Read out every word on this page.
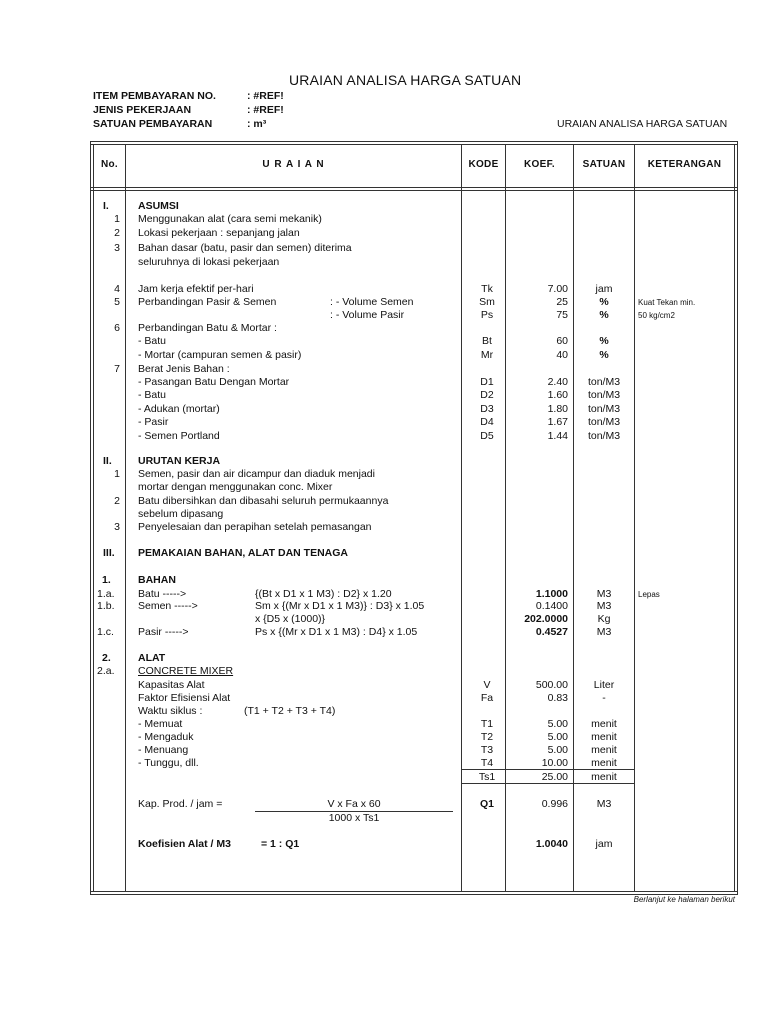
URAIAN ANALISA HARGA SATUAN
ITEM PEMBAYARAN NO.	: #REF!
JENIS PEKERJAAN	: #REF!
SATUAN PEMBAYARAN	: m³	URAIAN ANALISA HARGA SATUAN
No.	U R A I A N	KODE	KOEF.	SATUAN	KETERANGAN
I.	ASUMSI
1 Menggunakan alat (cara semi mekanik)
2 Lokasi pekerjaan : sepanjang jalan
3 Bahan dasar (batu, pasir dan semen) diterima
seluruhnya di lokasi pekerjaan
4 Jam kerja efektif per-hari	Tk	7.00	jam
5 Perbandingan Pasir & Semen	: - Volume Semen	Sm	25	%	Kuat Tekan min.
: - Volume Pasir	Ps	75	%	50 kg/cm2
6 Perbandingan Batu & Mortar :
- Batu	Bt	60	%
- Mortar (campuran semen & pasir)	Mr	40	%
7 Berat Jenis Bahan :
- Pasangan Batu Dengan Mortar	D1	2.40	ton/M3
- Batu	D2	1.60	ton/M3
- Adukan (mortar)	D3	1.80	ton/M3
- Pasir	D4	1.67	ton/M3
- Semen Portland	D5	1.44	ton/M3
II. URUTAN KERJA
1 Semen, pasir dan air dicampur dan diaduk menjadi
mortar dengan menggunakan conc. Mixer
2 Batu dibersihkan dan dibasahi seluruh permukaannya
sebelum dipasang
3 Penyelesaian dan perapihan setelah pemasangan
III. PEMAKAIAN BAHAN, ALAT DAN TENAGA
1.	BAHAN
1.a. Batu ----->	{(Bt x D1 x 1 M3) : D2} x 1.20	1.1000	M3	Lepas
1.b. Semen ----->	Sm x {(Mr x D1 x 1 M3)} : D3} x 1.05	0.1400	M3
x {D5 x (1000)}	202.0000	Kg
1.c. Pasir ----->	Ps x {(Mr x D1 x 1 M3) : D4} x 1.05	0.4527	M3
2.	ALAT
2.a. CONCRETE MIXER
Kapasitas Alat	V	500.00	Liter
Faktor Efisiensi Alat	Fa	0.83	-
Waktu siklus :	(T1 + T2 + T3 + T4)
- Memuat	T1	5.00	menit
- Mengaduk	T2	5.00	menit
- Menuang	T3	5.00	menit
- Tunggu, dll.	T4	10.00	menit
Ts1	25.00	menit
Kap. Prod. / jam =	V x Fa x 60
1000 x Ts1
Q1	0.996	M3
Koefisien Alat / M3	= 1 : Q1	1.0040	jam
Berlanjut ke halaman berikut
